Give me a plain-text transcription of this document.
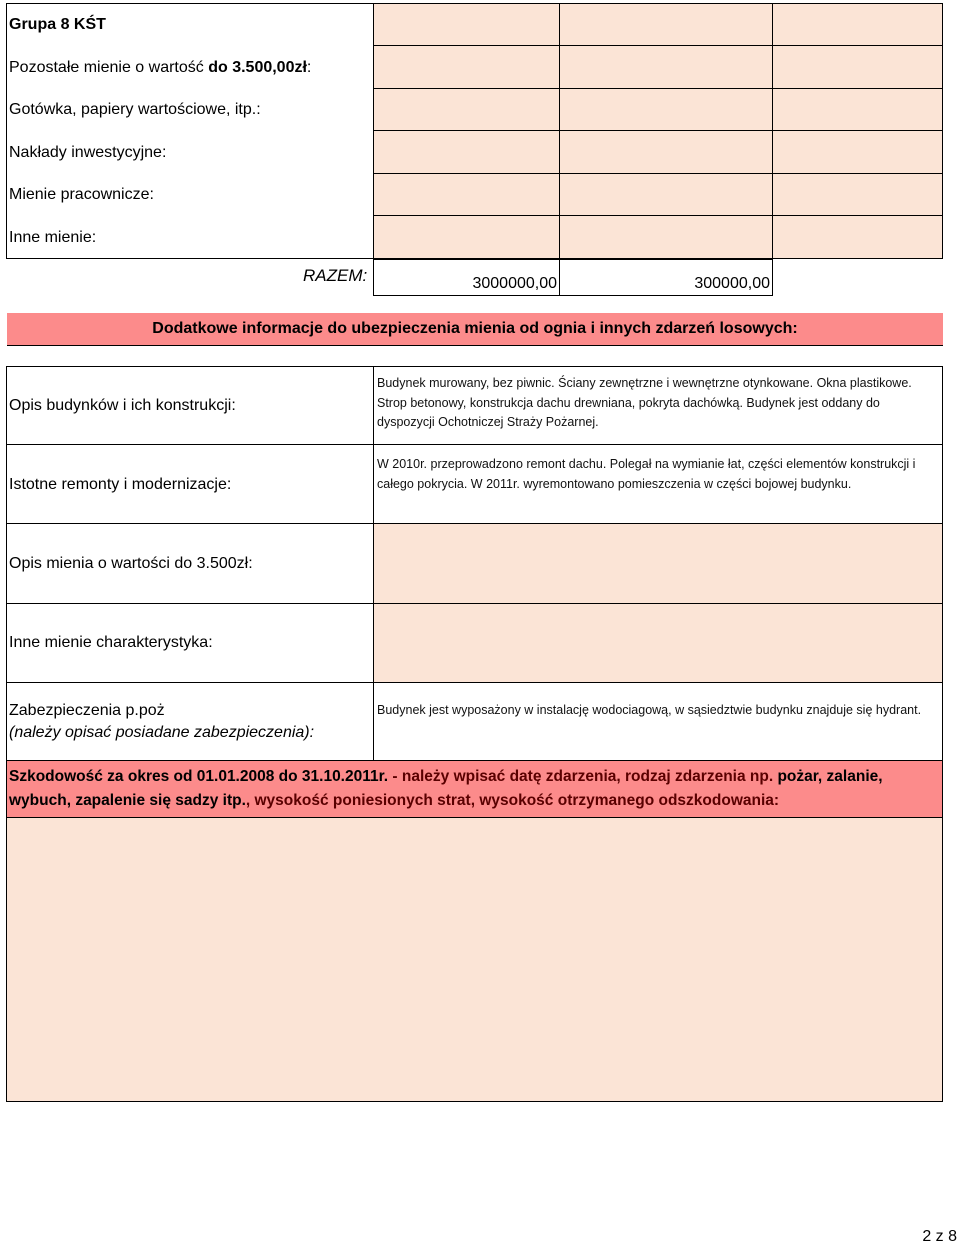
Grupa 8 KŚT
Pozostałe mienie o wartość do 3.500,00zł:
Gotówka, papiery wartościowe, itp.:
Nakłady inwestycyjne:
Mienie pracownicze:
Inne mienie:
RAZEM:	3000000,00	300000,00
Dodatkowe informacje do ubezpieczenia mienia od ognia i innych zdarzeń losowych:
Opis budynków i ich konstrukcji:
Budynek murowany, bez piwnic. Ściany zewnętrzne i wewnętrzne otynkowane. Okna plastikowe. Strop betonowy, konstrukcja dachu drewniana, pokryta dachówką. Budynek jest oddany do dyspozycji Ochotniczej Straży Pożarnej.
Istotne remonty i modernizacje:
W 2010r. przeprowadzono remont dachu. Polegał na wymianie łat, części elementów konstrukcji i całego pokrycia. W 2011r. wyremontowano pomieszczenia w części bojowej budynku.
Opis mienia o wartości do 3.500zł:
Inne mienie charakterystyka:
Zabezpieczenia p.poż
(należy opisać posiadane zabezpieczenia):
Budynek jest wyposażony w instalację wodociagową, w sąsiedztwie budynku znajduje się hydrant.
Szkodowość za okres od 01.01.2008 do 31.10.2011r. - należy wpisać datę zdarzenia, rodzaj zdarzenia np. pożar, zalanie, wybuch, zapalenie się sadzy itp., wysokość poniesionych strat, wysokość otrzymanego odszkodowania:
2 z 8
